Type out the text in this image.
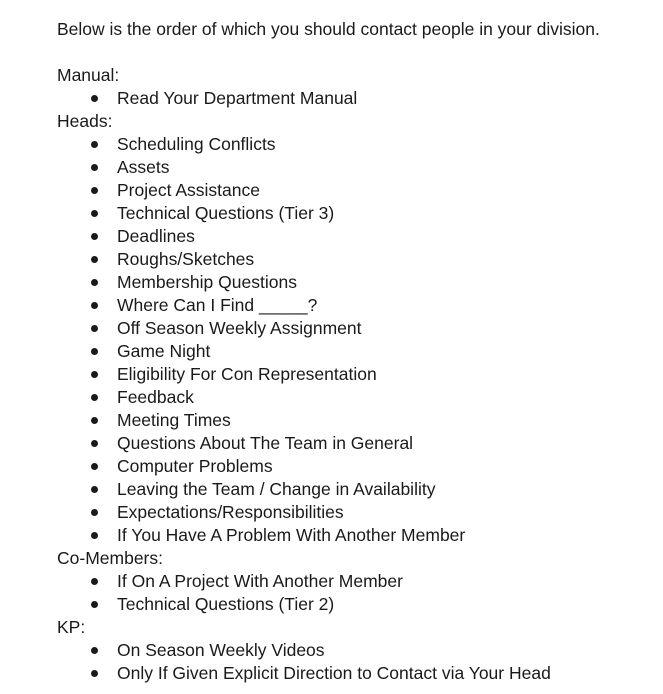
Below is the order of which you should contact people in your division.

Manual:

Read Your Department Manual

Heads:

Scheduling Conflicts
Assets
Project Assistance
Technical Questions (Tier 3)
Deadlines
Roughs/Sketches
Membership Questions
Where Can I Find _____?
Off Season Weekly Assignment
Game Night
Eligibility For Con Representation
Feedback
Meeting Times
Questions About The Team in General
Computer Problems
Leaving the Team / Change in Availability
Expectations/Responsibilities
If You Have A Problem With Another Member

Co-Members:

If On A Project With Another Member
Technical Questions (Tier 2)

KP:

On Season Weekly Videos
Only If Given Explicit Direction to Contact via Your Head
